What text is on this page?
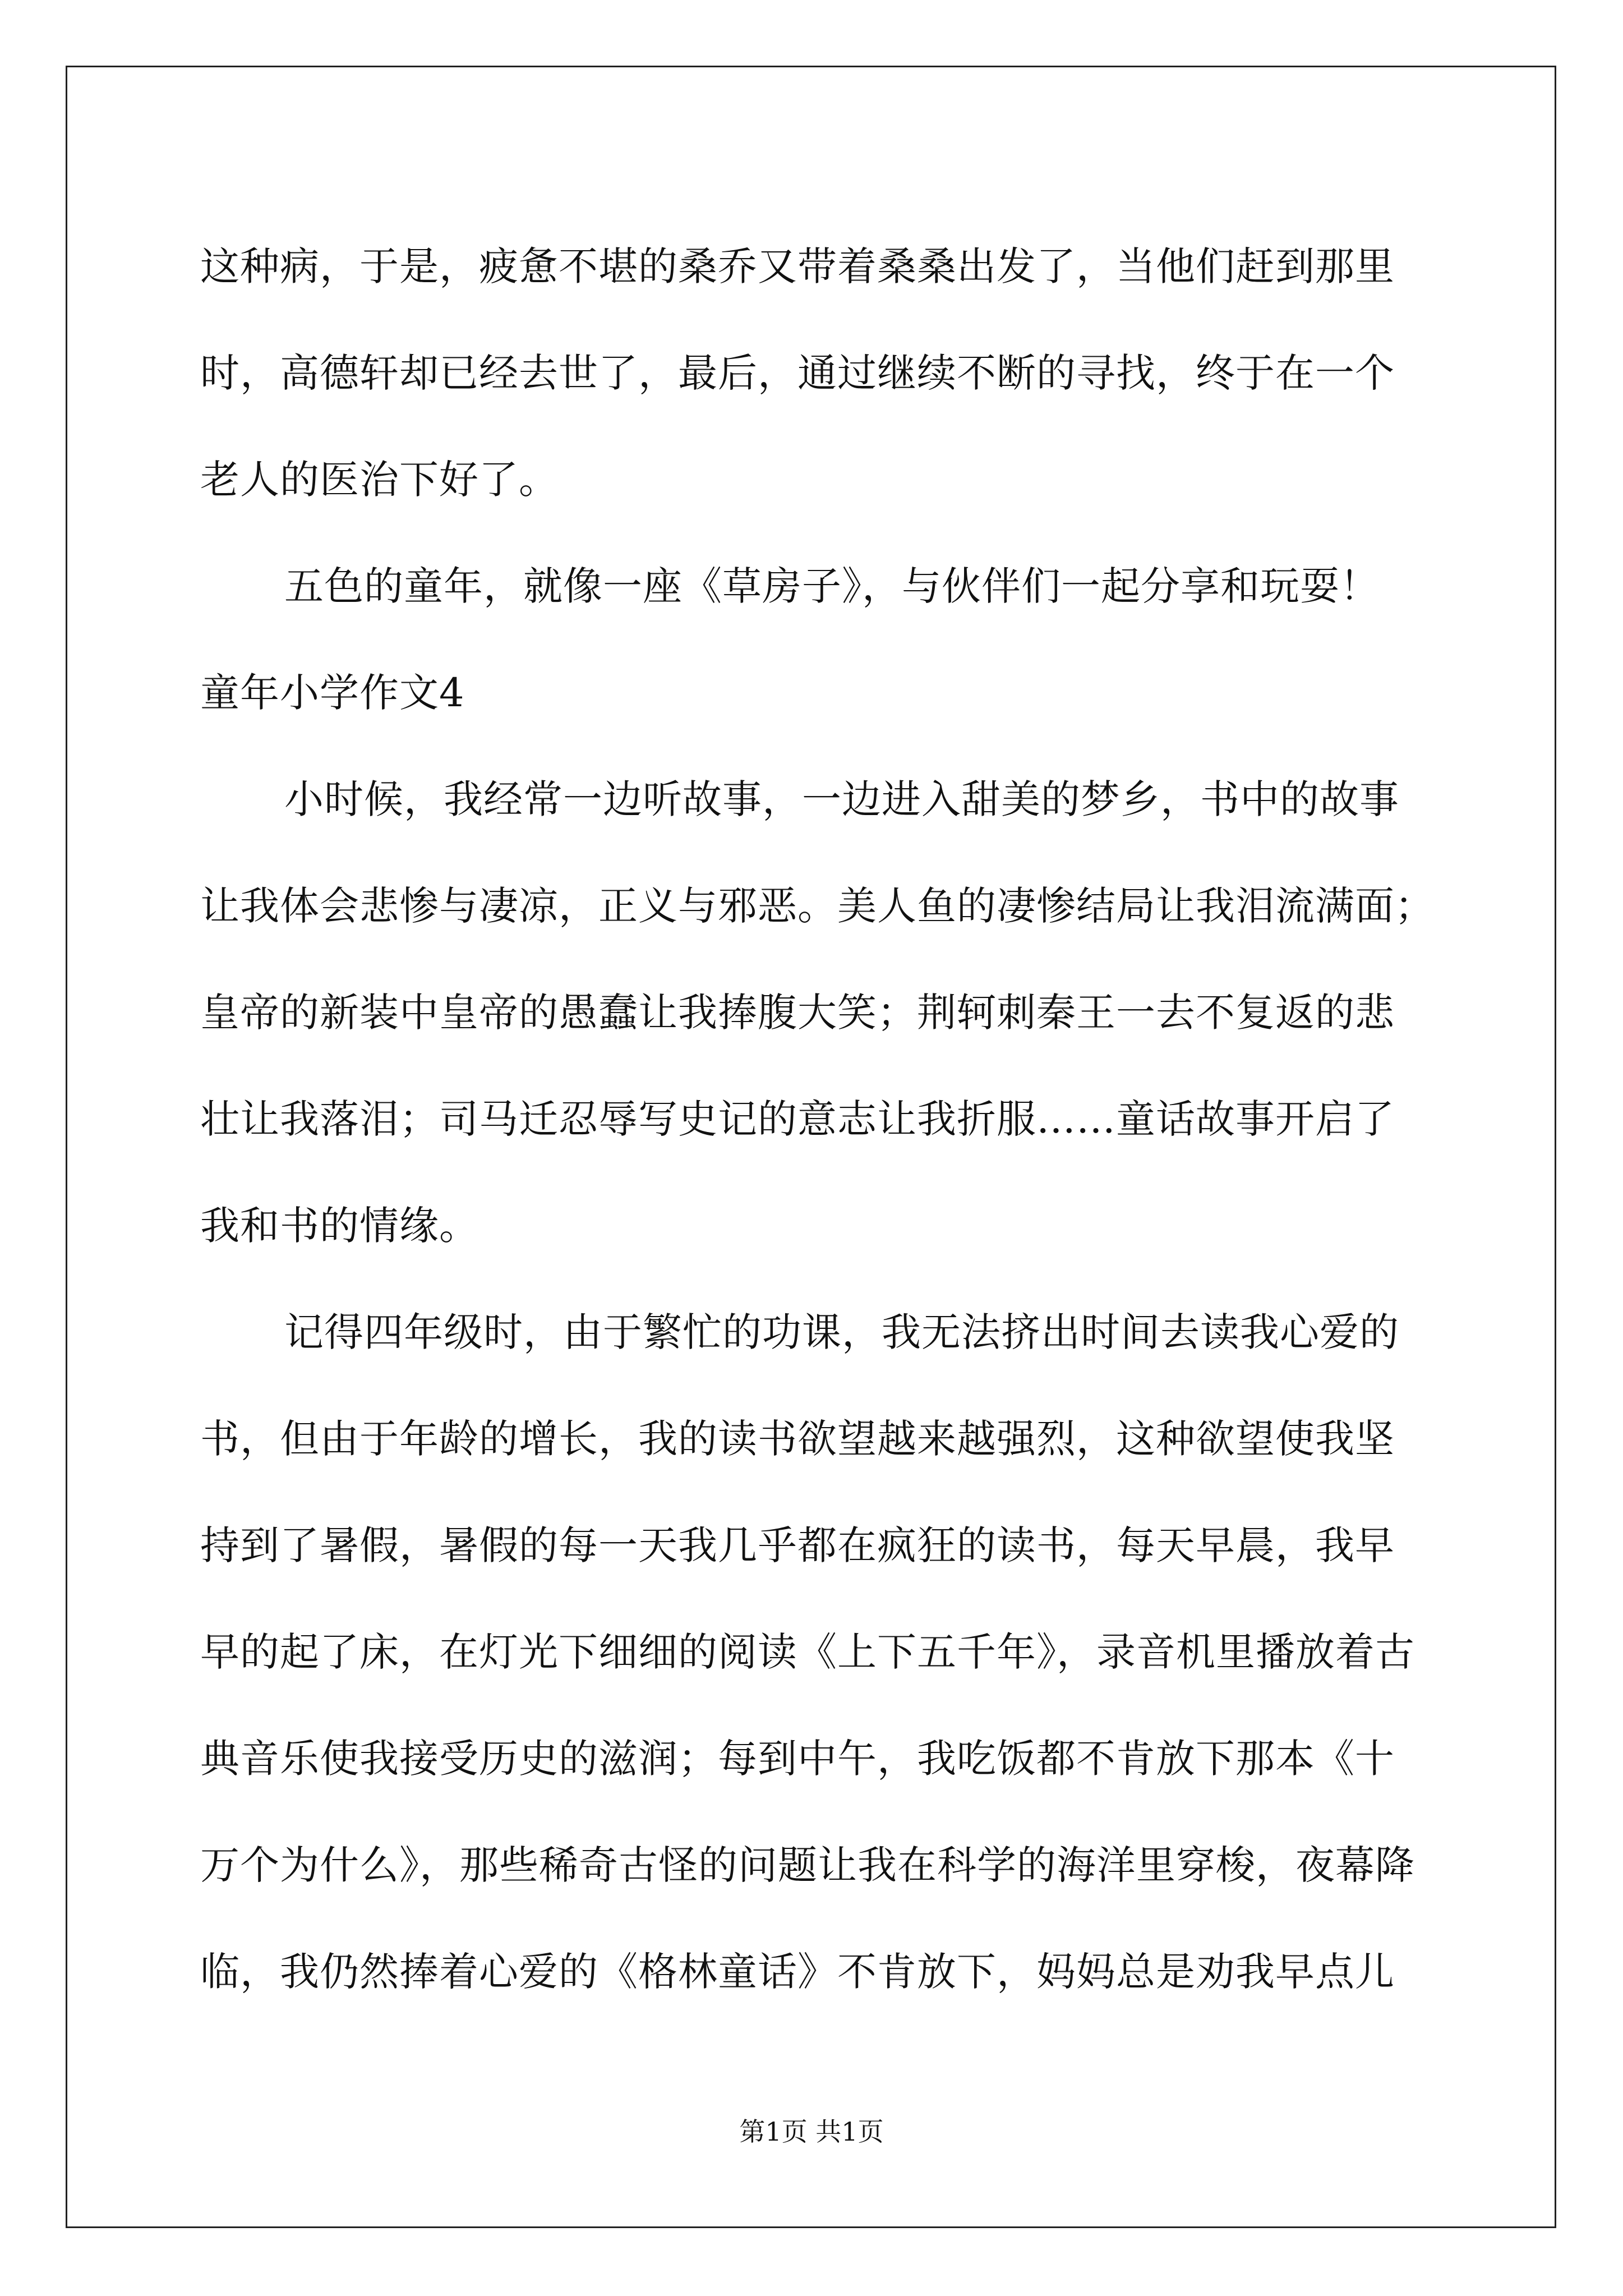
这种病，于是，疲惫不堪的桑乔又带着桑桑出发了，当他们赶到那里
时，高德轩却已经去世了，最后，通过继续不断的寻找，终于在一个
老人的医治下好了。
五色的童年，就像一座《草房子》，与伙伴们一起分享和玩耍！
童年小学作文4
小时候，我经常一边听故事，一边进入甜美的梦乡，书中的故事
让我体会悲惨与凄凉，正义与邪恶。美人鱼的凄惨结局让我泪流满面；
皇帝的新装中皇帝的愚蠢让我捧腹大笑；荆轲刺秦王一去不复返的悲
壮让我落泪；司马迁忍辱写史记的意志让我折服……童话故事开启了
我和书的情缘。
记得四年级时，由于繁忙的功课，我无法挤出时间去读我心爱的
书，但由于年龄的增长，我的读书欲望越来越强烈，这种欲望使我坚
持到了暑假，暑假的每一天我几乎都在疯狂的读书，每天早晨，我早
早的起了床，在灯光下细细的阅读《上下五千年》，录音机里播放着古
典音乐使我接受历史的滋润；每到中午，我吃饭都不肯放下那本《十
万个为什么》，那些稀奇古怪的问题让我在科学的海洋里穿梭，夜幕降
临，我仍然捧着心爱的《格林童话》不肯放下，妈妈总是劝我早点儿
第1页 共1页
